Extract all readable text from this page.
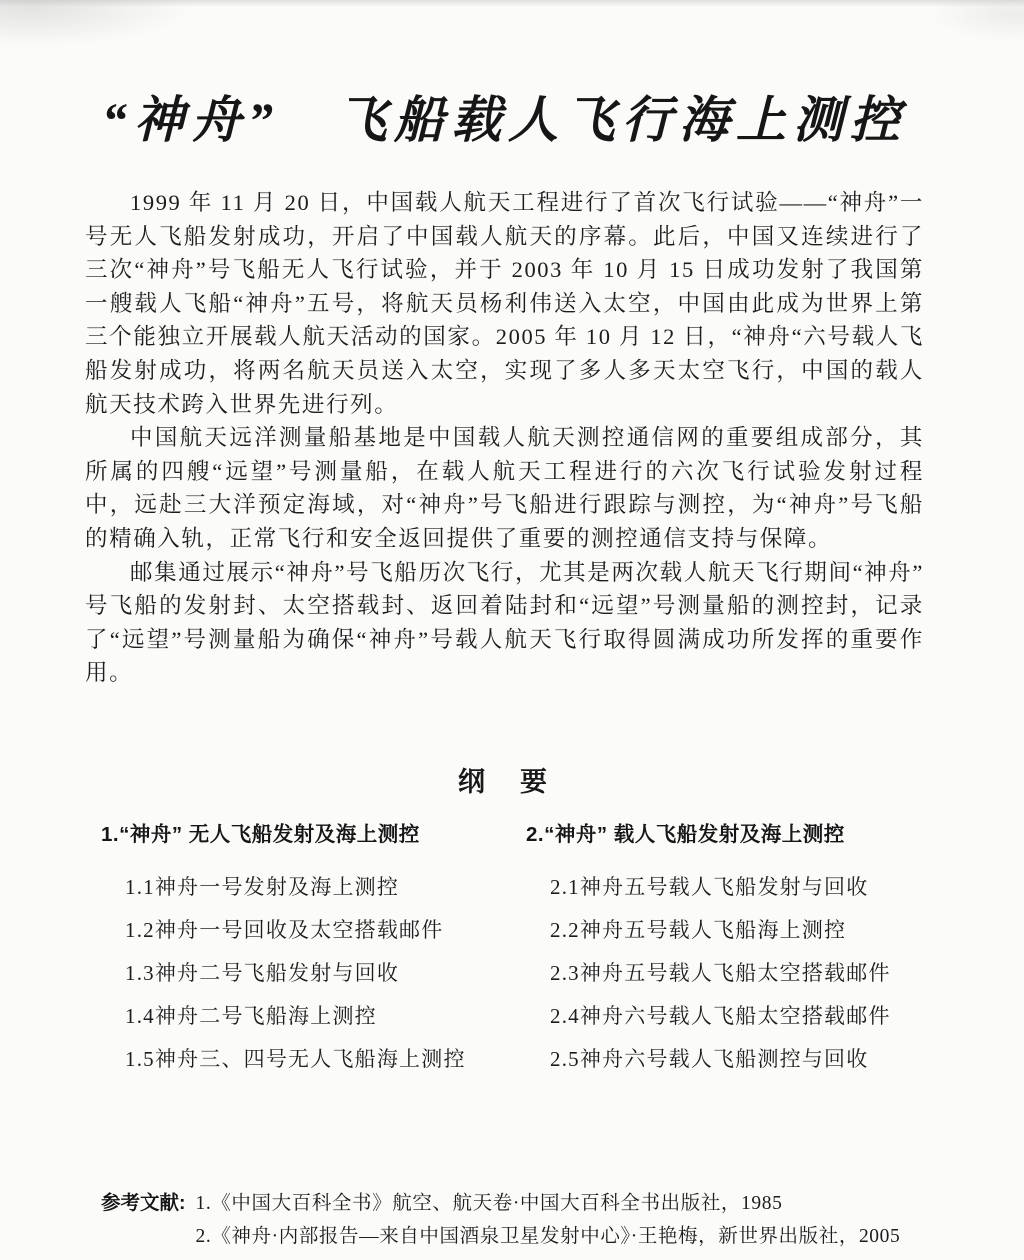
“神舟”　飞船载人飞行海上测控

1999 年 11 月 20 日，中国载人航天工程进行了首次飞行试验——“神舟”一号无人飞船发射成功，开启了中国载人航天的序幕。此后，中国又连续进行了三次“神舟”号飞船无人飞行试验，并于 2003 年 10 月 15 日成功发射了我国第一艘载人飞船“神舟”五号，将航天员杨利伟送入太空，中国由此成为世界上第三个能独立开展载人航天活动的国家。2005 年 10 月 12 日，“神舟“六号载人飞船发射成功，将两名航天员送入太空，实现了多人多天太空飞行，中国的载人航天技术跨入世界先进行列。

中国航天远洋测量船基地是中国载人航天测控通信网的重要组成部分，其所属的四艘“远望”号测量船，在载人航天工程进行的六次飞行试验发射过程中，远赴三大洋预定海域，对“神舟”号飞船进行跟踪与测控，为“神舟”号飞船的精确入轨，正常飞行和安全返回提供了重要的测控通信支持与保障。

邮集通过展示“神舟”号飞船历次飞行，尤其是两次载人航天飞行期间“神舟”号飞船的发射封、太空搭载封、返回着陆封和“远望”号测量船的测控封，记录了“远望”号测量船为确保“神舟”号载人航天飞行取得圆满成功所发挥的重要作用。

纲　要
1.“神舟” 无人飞船发射及海上测控
1.1神舟一号发射及海上测控
1.2神舟一号回收及太空搭载邮件
1.3神舟二号飞船发射与回收
1.4神舟二号飞船海上测控
1.5神舟三、四号无人飞船海上测控
2.“神舟” 载人飞船发射及海上测控
2.1神舟五号载人飞船发射与回收
2.2神舟五号载人飞船海上测控
2.3神舟五号载人飞船太空搭载邮件
2.4神舟六号载人飞船太空搭载邮件
2.5神舟六号载人飞船测控与回收
参考文献: 1.《中国大百科全书》航空、航天卷·中国大百科全书出版社，1985
2.《神舟·内部报告—来自中国酒泉卫星发射中心》·王艳梅，新世界出版社，2005
